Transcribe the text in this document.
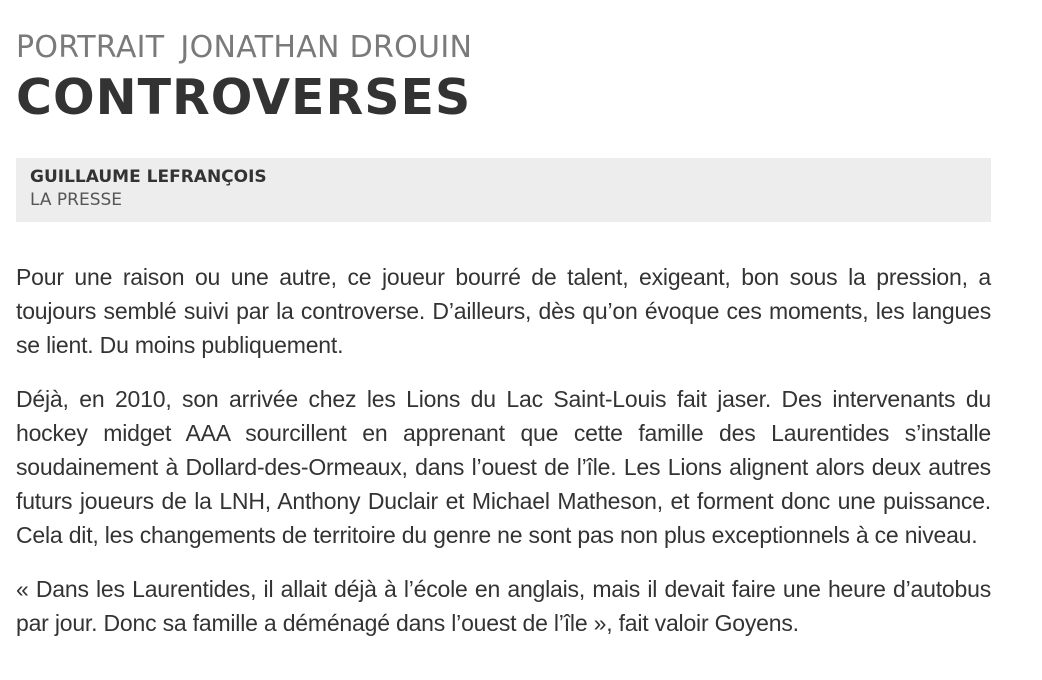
PORTRAIT JONATHAN DROUIN
CONTROVERSES
GUILLAUME LEFRANÇOIS
LA PRESSE

Pour une raison ou une autre, ce joueur bourré de talent, exigeant, bon sous la pression, a toujours semblé suivi par la controverse. D’ailleurs, dès qu’on évoque ces moments, les langues se lient. Du moins publiquement.

Déjà, en 2010, son arrivée chez les Lions du Lac Saint-Louis fait jaser. Des intervenants du hockey midget AAA sourcillent en apprenant que cette famille des Laurentides s’installe soudainement à Dollard-des-Ormeaux, dans l’ouest de l’île. Les Lions alignent alors deux autres futurs joueurs de la LNH, Anthony Duclair et Michael Matheson, et forment donc une puissance. Cela dit, les changements de territoire du genre ne sont pas non plus exceptionnels à ce niveau.

« Dans les Laurentides, il allait déjà à l’école en anglais, mais il devait faire une heure d’autobus par jour. Donc sa famille a déménagé dans l’ouest de l’île », fait valoir Goyens.
